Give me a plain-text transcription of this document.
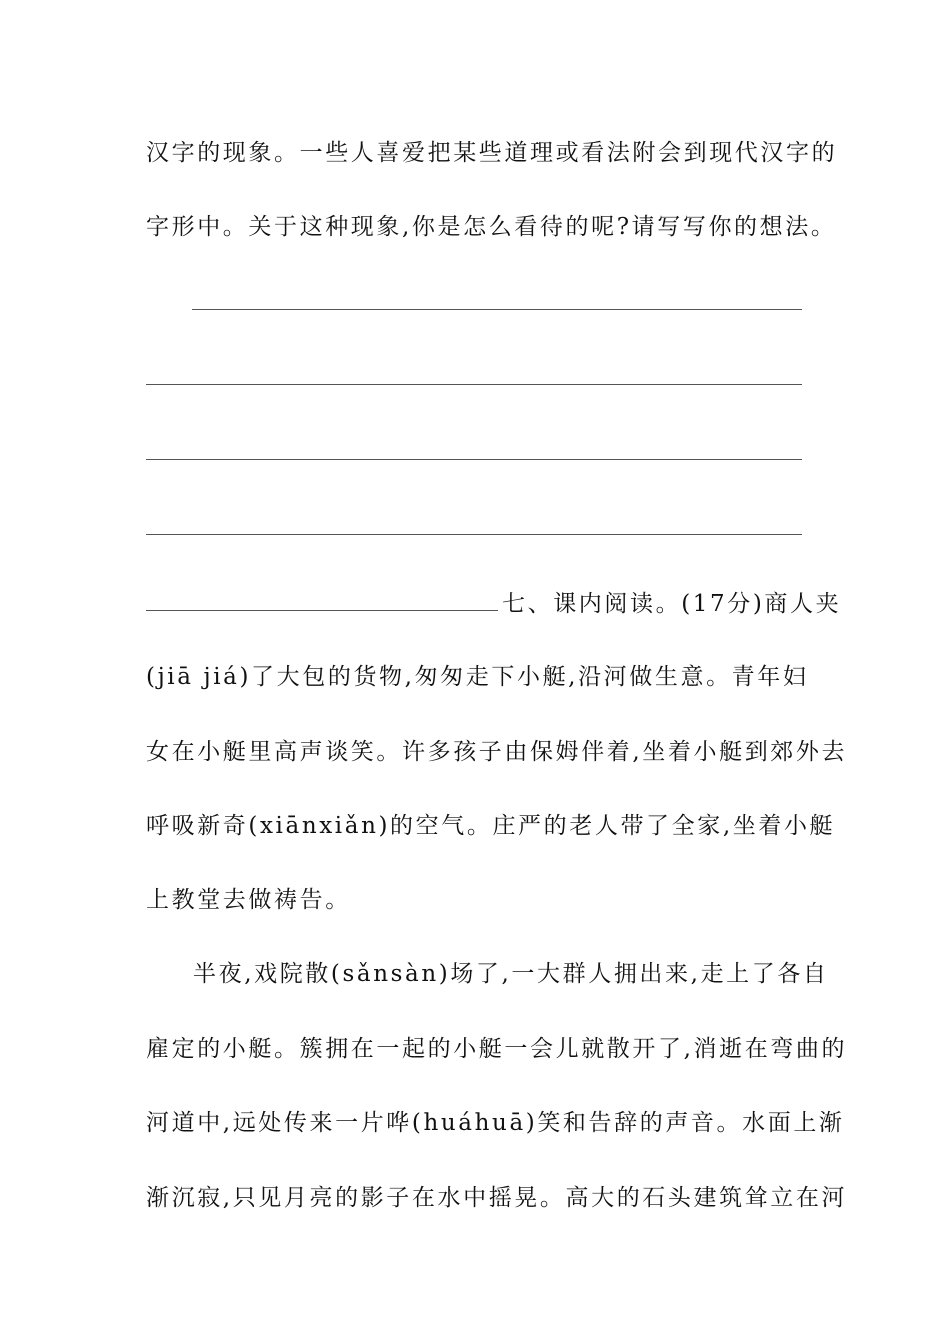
汉字的现象。一些人喜爱把某些道理或看法附会到现代汉字的
字形中。关于这种现象,你是怎么看待的呢?请写写你的想法。
七、课内阅读。(17分)商人夹
(jiā jiá)了大包的货物,匆匆走下小艇,沿河做生意。青年妇
女在小艇里高声谈笑。许多孩子由保姆伴着,坐着小艇到郊外去
呼吸新奇(xiānxiǎn)的空气。庄严的老人带了全家,坐着小艇
上教堂去做祷告。
半夜,戏院散(sǎnsàn)场了,一大群人拥出来,走上了各自
雇定的小艇。簇拥在一起的小艇一会儿就散开了,消逝在弯曲的
河道中,远处传来一片哗(huáhuā)笑和告辞的声音。水面上渐
渐沉寂,只见月亮的影子在水中摇晃。高大的石头建筑耸立在河
